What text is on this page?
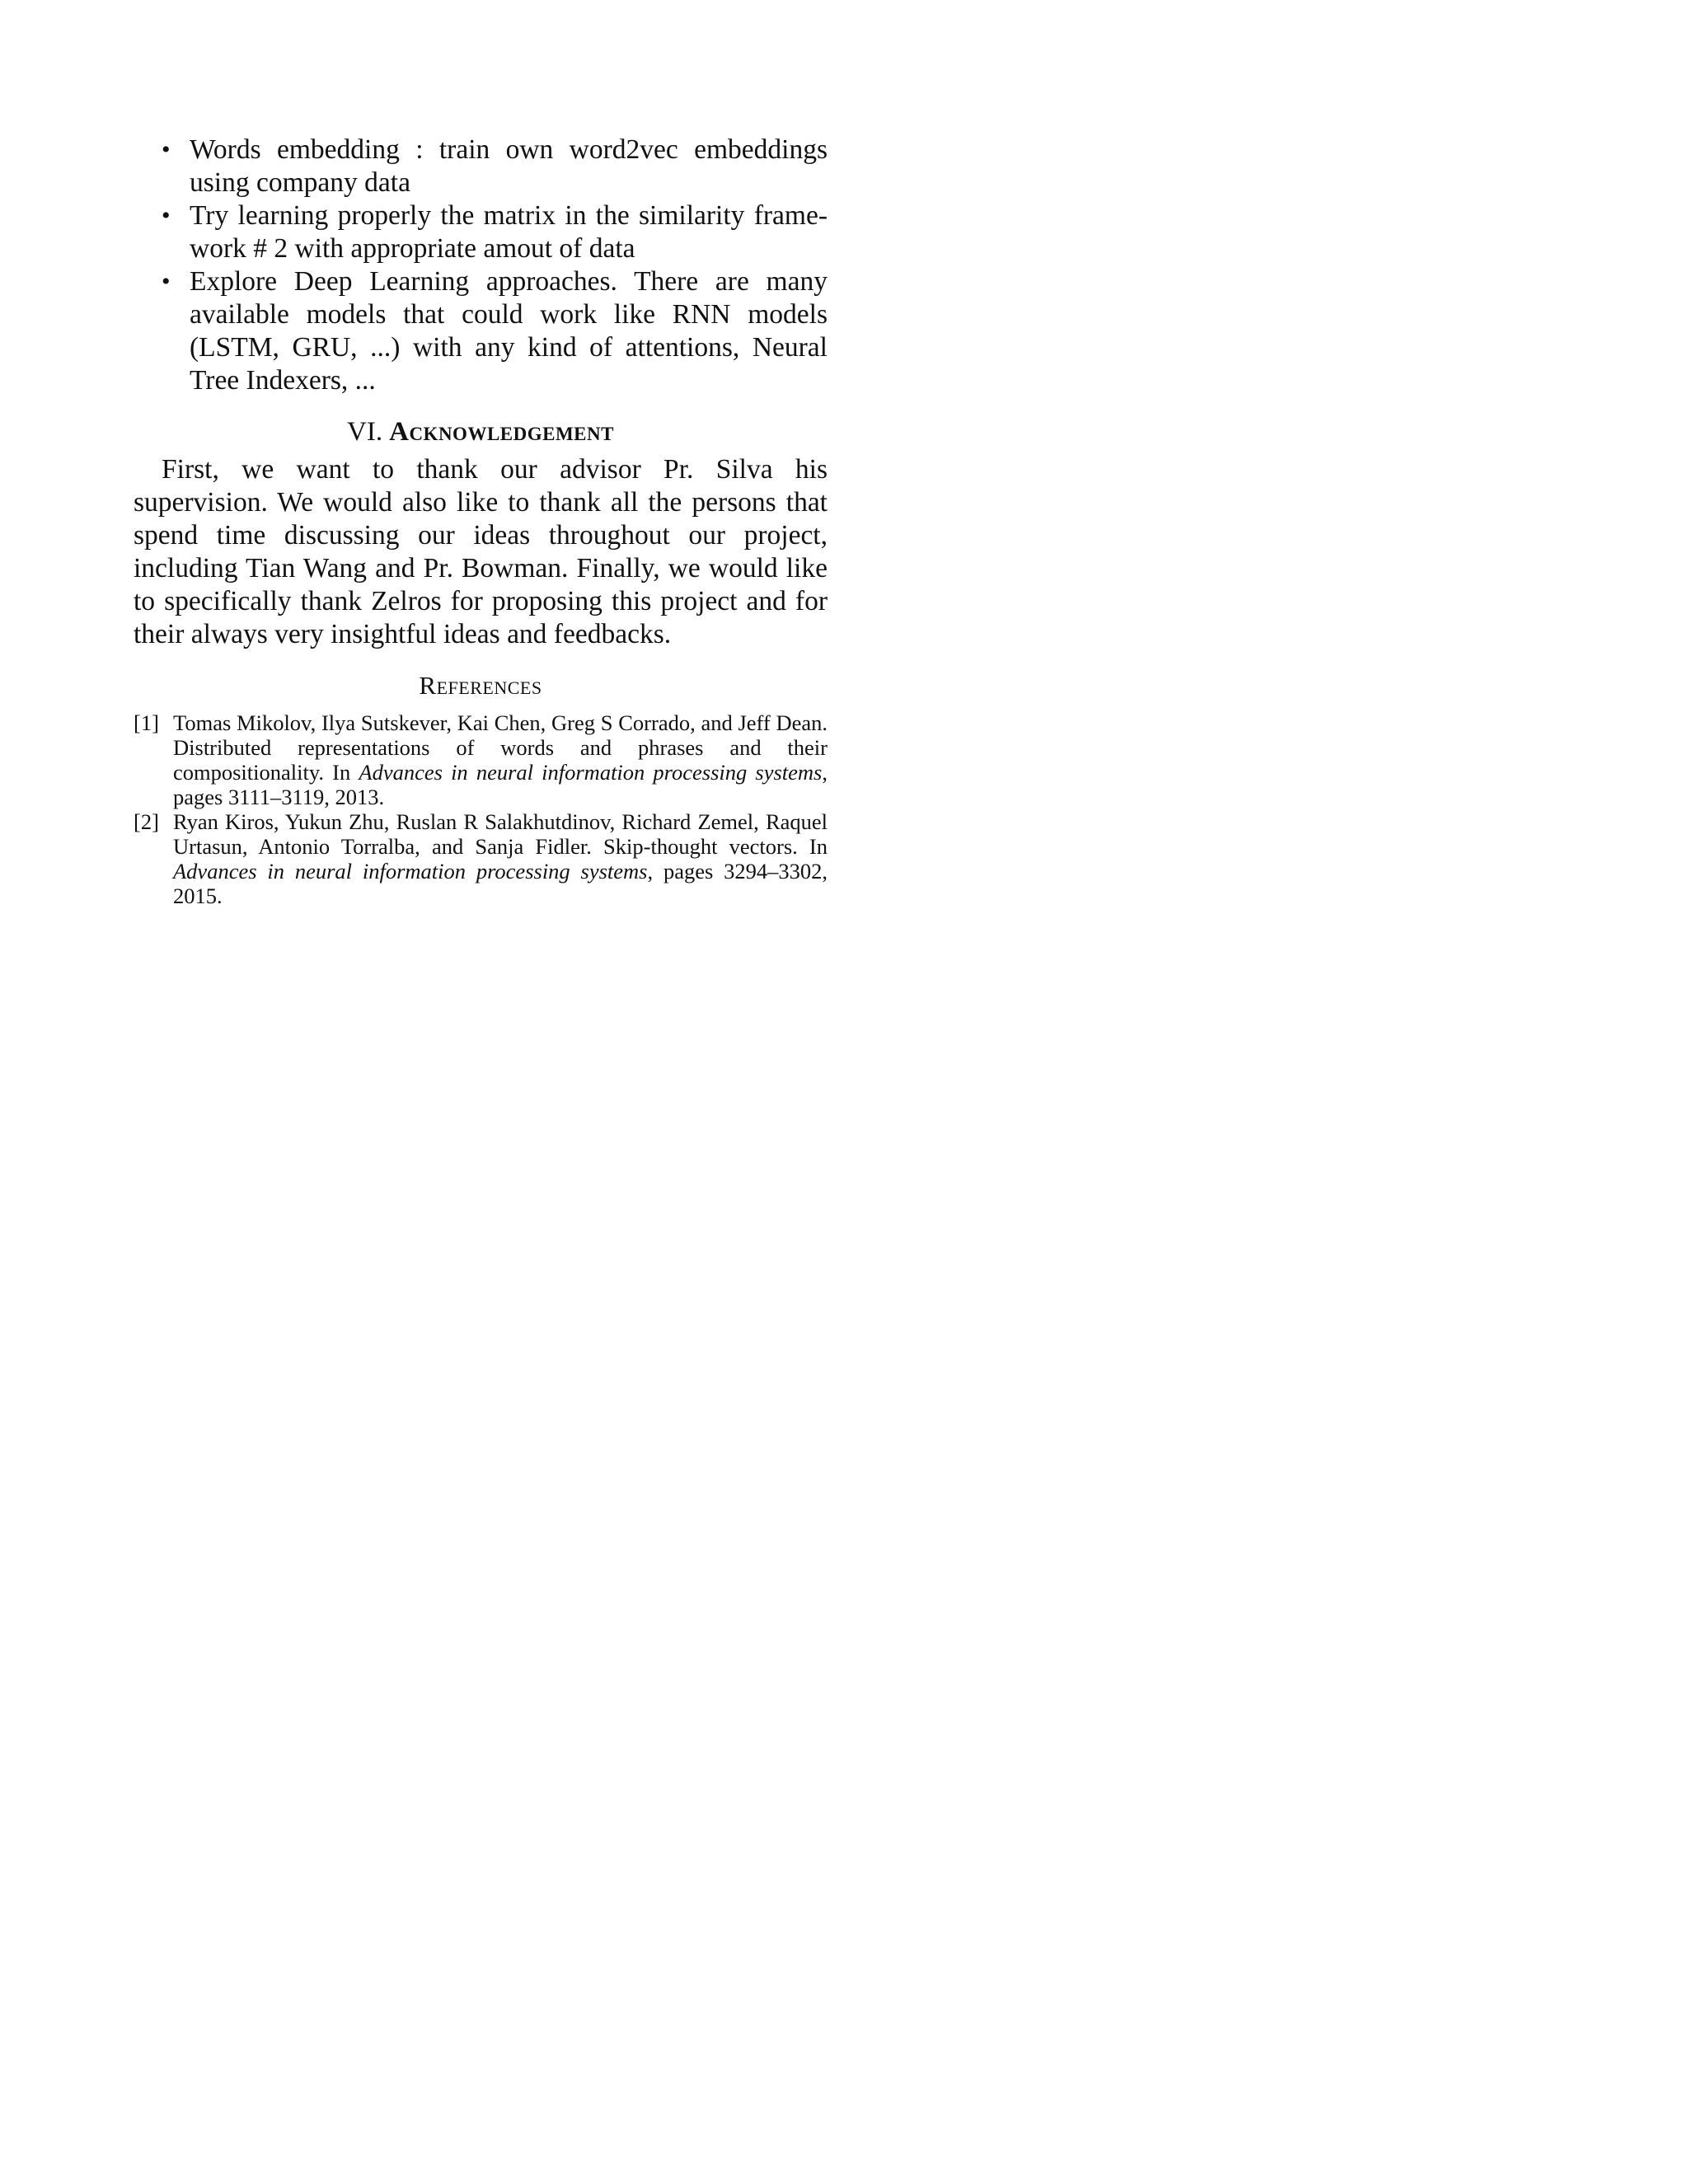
• Words embedding : train own word2vec embeddings using company data
• Try learning properly the matrix in the similarity frame-work # 2 with appropriate amout of data
• Explore Deep Learning approaches. There are many available models that could work like RNN models (LSTM, GRU, ...) with any kind of attentions, Neural Tree Indexers, ...
VI. Acknowledgement

First, we want to thank our advisor Pr. Silva his supervision. We would also like to thank all the persons that spend time discussing our ideas throughout our project, including Tian Wang and Pr. Bowman. Finally, we would like to specifically thank Zelros for proposing this project and for their always very insightful ideas and feedbacks.

References
[1] Tomas Mikolov, Ilya Sutskever, Kai Chen, Greg S Corrado, and Jeff Dean. Distributed representations of words and phrases and their compositionality. In Advances in neural information processing systems, pages 3111–3119, 2013.
[2] Ryan Kiros, Yukun Zhu, Ruslan R Salakhutdinov, Richard Zemel, Raquel Urtasun, Antonio Torralba, and Sanja Fidler. Skip-thought vectors. In Advances in neural information processing systems, pages 3294–3302, 2015.
